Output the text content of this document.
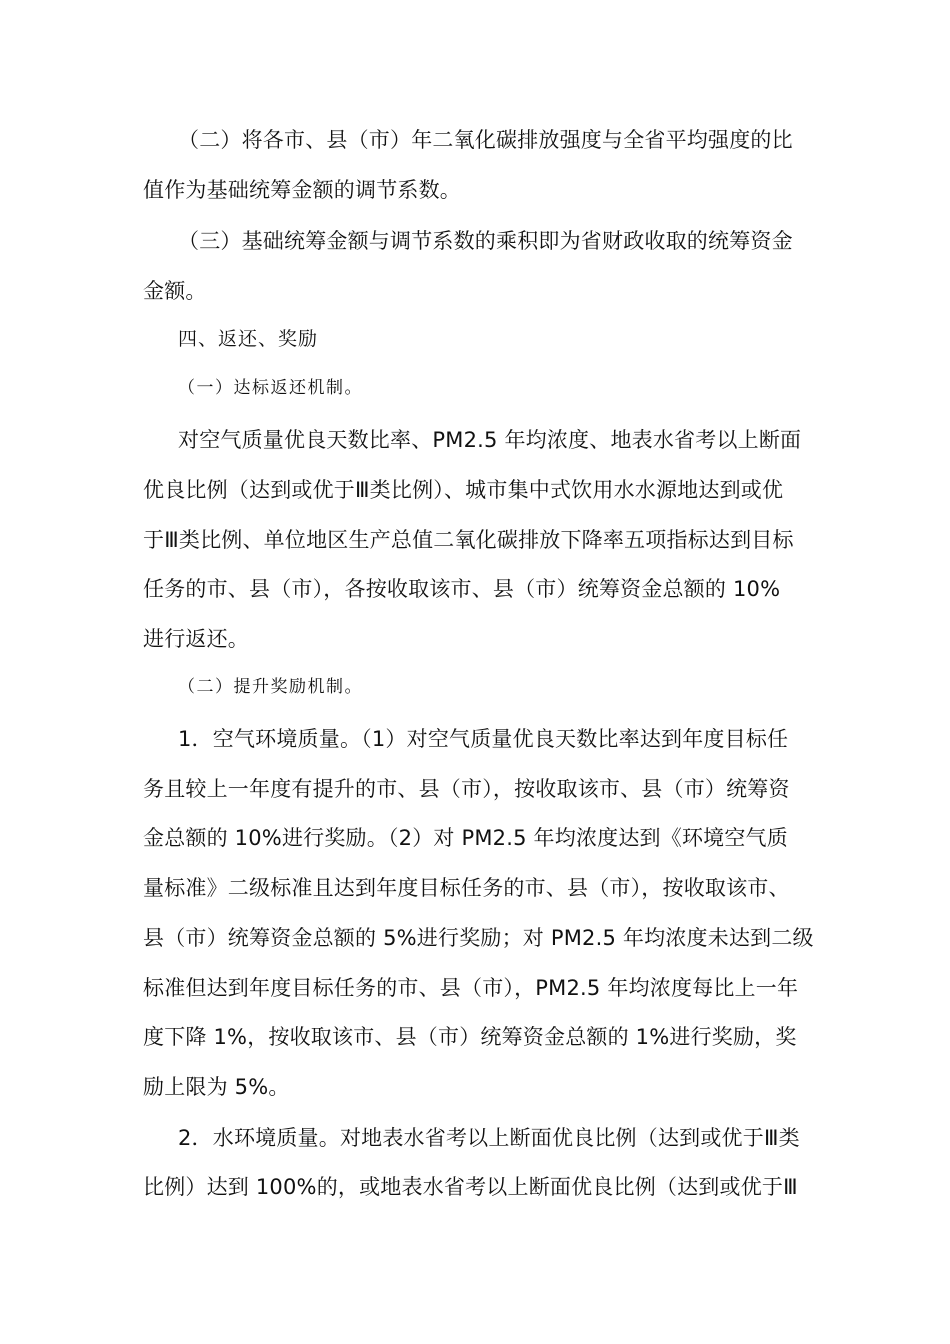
（二）将各市、县（市）年二氧化碳排放强度与全省平均强度的比
值作为基础统筹金额的调节系数。
（三）基础统筹金额与调节系数的乘积即为省财政收取的统筹资金
金额。
四、返还、奖励
（一）达标返还机制。
对空气质量优良天数比率、PM2.5 年均浓度、地表水省考以上断面
优良比例（达到或优于Ⅲ类比例）、城市集中式饮用水水源地达到或优
于Ⅲ类比例、单位地区生产总值二氧化碳排放下降率五项指标达到目标
任务的市、县（市），各按收取该市、县（市）统筹资金总额的 10%
进行返还。
（二）提升奖励机制。
1．空气环境质量。（1）对空气质量优良天数比率达到年度目标任
务且较上一年度有提升的市、县（市），按收取该市、县（市）统筹资
金总额的 10%进行奖励。（2）对 PM2.5 年均浓度达到《环境空气质
量标准》二级标准且达到年度目标任务的市、县（市），按收取该市、
县（市）统筹资金总额的 5%进行奖励；对 PM2.5 年均浓度未达到二级
标准但达到年度目标任务的市、县（市），PM2.5 年均浓度每比上一年
度下降 1%，按收取该市、县（市）统筹资金总额的 1%进行奖励，奖
励上限为 5%。
2．水环境质量。对地表水省考以上断面优良比例（达到或优于Ⅲ类
比例）达到 100%的，或地表水省考以上断面优良比例（达到或优于Ⅲ
